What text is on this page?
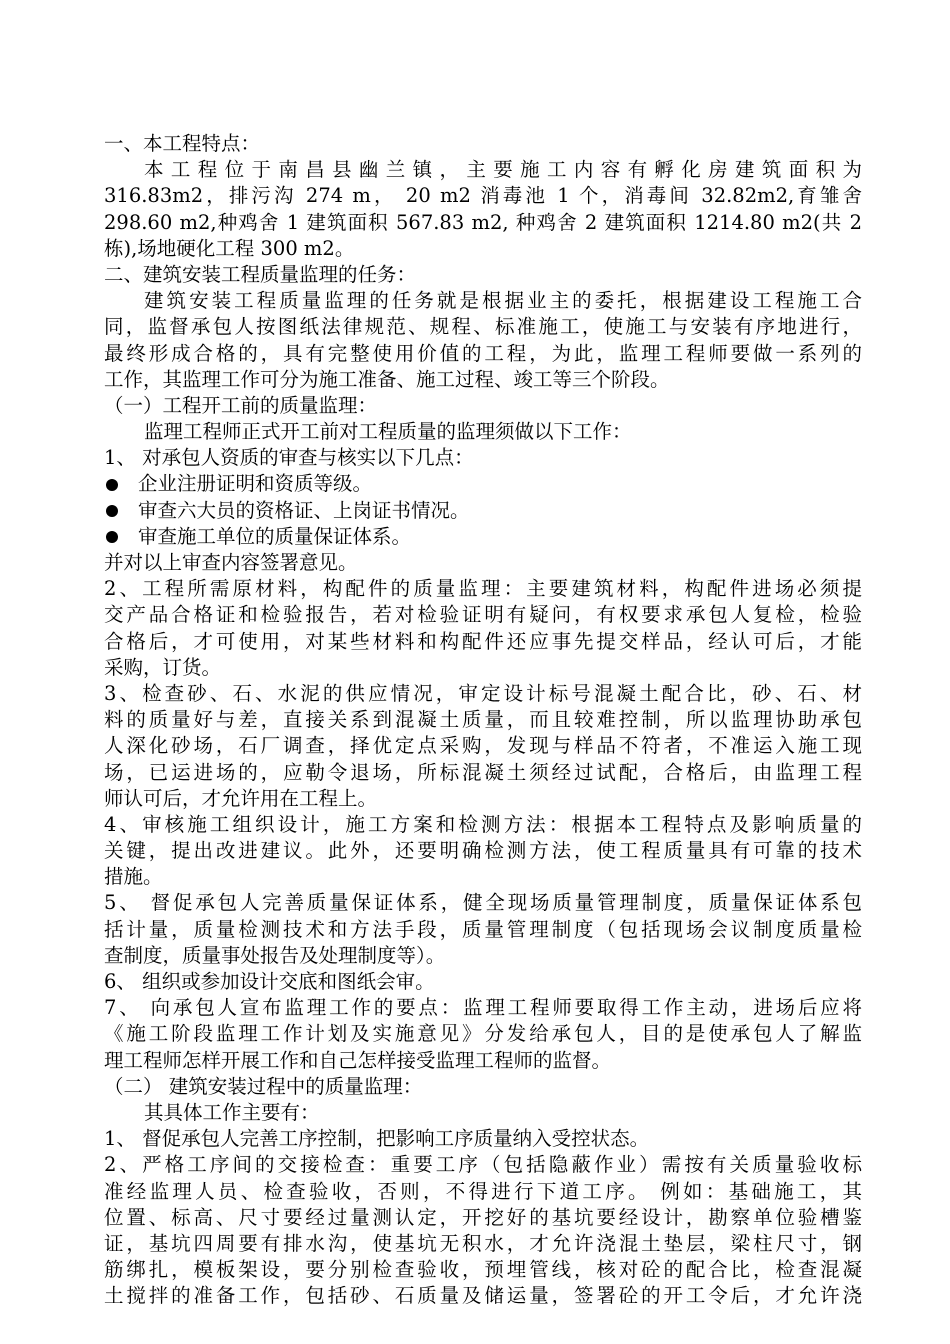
一、本工程特点：
本工程位于南昌县幽兰镇，主要施工内容有孵化房建筑面积为
316.83m2，排污沟 274 m， 20 m2 消毒池 1 个，消毒间 32.82m2,育雏舍
298.60 m2,种鸡舍 1 建筑面积 567.83 m2, 种鸡舍 2 建筑面积 1214.80 m2(共 2
栋),场地硬化工程 300 m2。
二、建筑安装工程质量监理的任务：
建筑安装工程质量监理的任务就是根据业主的委托，根据建设工程施工合
同，监督承包人按图纸法律规范、规程、标准施工，使施工与安装有序地进行，
最终形成合格的，具有完整使用价值的工程，为此，监理工程师要做一系列的
工作，其监理工作可分为施工准备、施工过程、竣工等三个阶段。
（一）工程开工前的质量监理：
监理工程师正式开工前对工程质量的监理须做以下工作：
1、 对承包人资质的审查与核实以下几点：
企业注册证明和资质等级。
审查六大员的资格证、上岗证书情况。
审查施工单位的质量保证体系。
并对以上审查内容签署意见。
2、工程所需原材料，构配件的质量监理：主要建筑材料，构配件进场必须提
交产品合格证和检验报告，若对检验证明有疑问，有权要求承包人复检，检验
合格后，才可使用，对某些材料和构配件还应事先提交样品，经认可后，才能
采购，订货。
3、检查砂、石、水泥的供应情况，审定设计标号混凝土配合比，砂、石、材
料的质量好与差，直接关系到混凝土质量，而且较难控制，所以监理协助承包
人深化砂场，石厂调查，择优定点采购，发现与样品不符者，不准运入施工现
场，已运进场的，应勒令退场，所标混凝土须经过试配，合格后，由监理工程
师认可后，才允许用在工程上。
4、审核施工组织设计，施工方案和检测方法：根据本工程特点及影响质量的
关键，提出改进建议。此外，还要明确检测方法，使工程质量具有可靠的技术
措施。
5、 督促承包人完善质量保证体系，健全现场质量管理制度，质量保证体系包
括计量，质量检测技术和方法手段，质量管理制度（包括现场会议制度质量检
查制度，质量事处报告及处理制度等）。
6、 组织或参加设计交底和图纸会审。
7、 向承包人宣布监理工作的要点：监理工程师要取得工作主动，进场后应将
《施工阶段监理工作计划及实施意见》分发给承包人，目的是使承包人了解监
理工程师怎样开展工作和自己怎样接受监理工程师的监督。
（二） 建筑安装过程中的质量监理：
其具体工作主要有：
1、 督促承包人完善工序控制，把影响工序质量纳入受控状态。
2、严格工序间的交接检查：重要工序（包括隐蔽作业）需按有关质量验收标
准经监理人员、检查验收，否则，不得进行下道工序。 例如：基础施工，其
位置、标高、尺寸要经过量测认定，开挖好的基坑要经设计，勘察单位验槽鉴
证，基坑四周要有排水沟，使基坑无积水，才允许浇混土垫层，梁柱尺寸，钢
筋绑扎，模板架设，要分别检查验收，预埋管线，核对砼的配合比，检查混凝
土搅拌的准备工作，包括砂、石质量及储运量，签署砼的开工令后，才允许浇
